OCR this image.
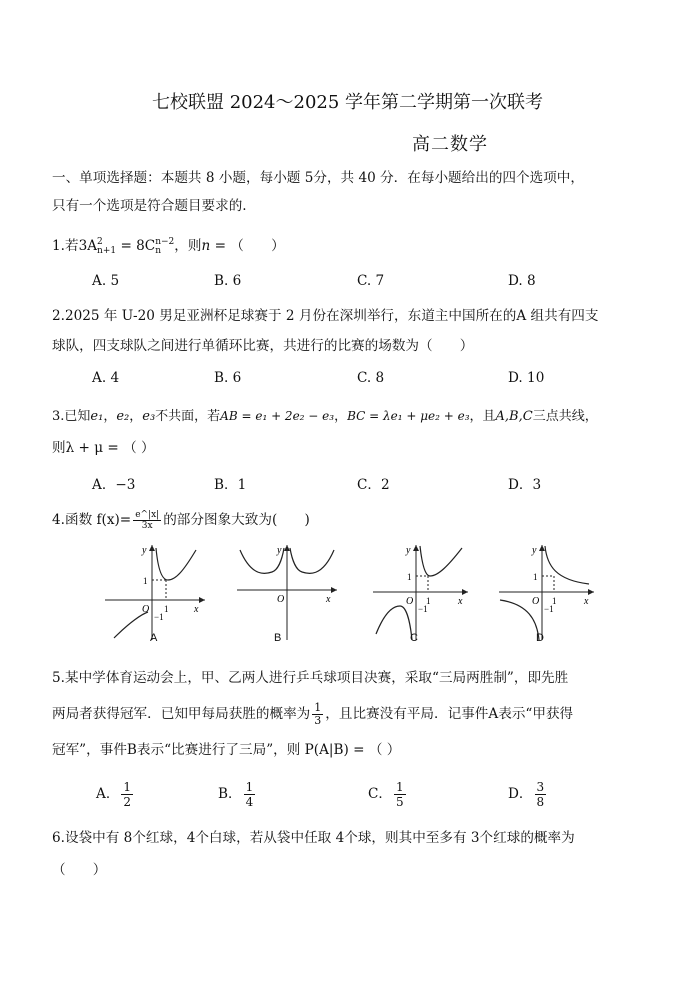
七校联盟 2024～2025 学年第二学期第一次联考
高二数学
一、单项选择题：本题共 8 小题，每小题 5分，共 40 分．在每小题给出的四个选项中，
只有一个选项是符合题目要求的.
1.若3A 2
n+1 = 8C n−2
n ，则n = （　　）
A. 5	B. 6	C. 7	D. 8
2.2025 年 U-20 男足亚洲杯足球赛于 2 月份在深圳举行，东道主中国所在的A 组共有四支
球队，四支球队之间进行单循环比赛，共进行的比赛的场数为（　　）
A. 4	B. 6	C. 8	D. 10
3.已知e₁，e₂，e₃不共面，若AB = e₁ + 2e₂ − e₃，BC = λe₁ + μe₂ + e₃，且A,B,C三点共线，
则λ + μ = （ ）
A．−3	B．1	C．2	D．3
4.函数 $f(x)= \frac{e\^{}|x|}{3x}$ 的部分图象大致为(　　)
y
x
O
1
1
−1
A
y
x
O
B
y
x
O
1
1
−1
C
y
x
O
1
1
−1
D
5.某中学体育运动会上，甲、乙两人进行乒乓球项目决赛，采取“三局两胜制”，即先胜
两局者获得冠军．已知甲每局获胜的概率为 $\frac{1}{3}$ ，且比赛没有平局．记事件A表示“甲获得
冠军”，事件B表示“比赛进行了三局”，则 P(A|B) = （ ）
A． $\frac{1}{2}$	B． $\frac{1}{4}$	C． $\frac{1}{5}$	D． $\frac{3}{8}$
6.设袋中有 8个红球，4个白球，若从袋中任取 4个球，则其中至多有 3个红球的概率为
（　　）
